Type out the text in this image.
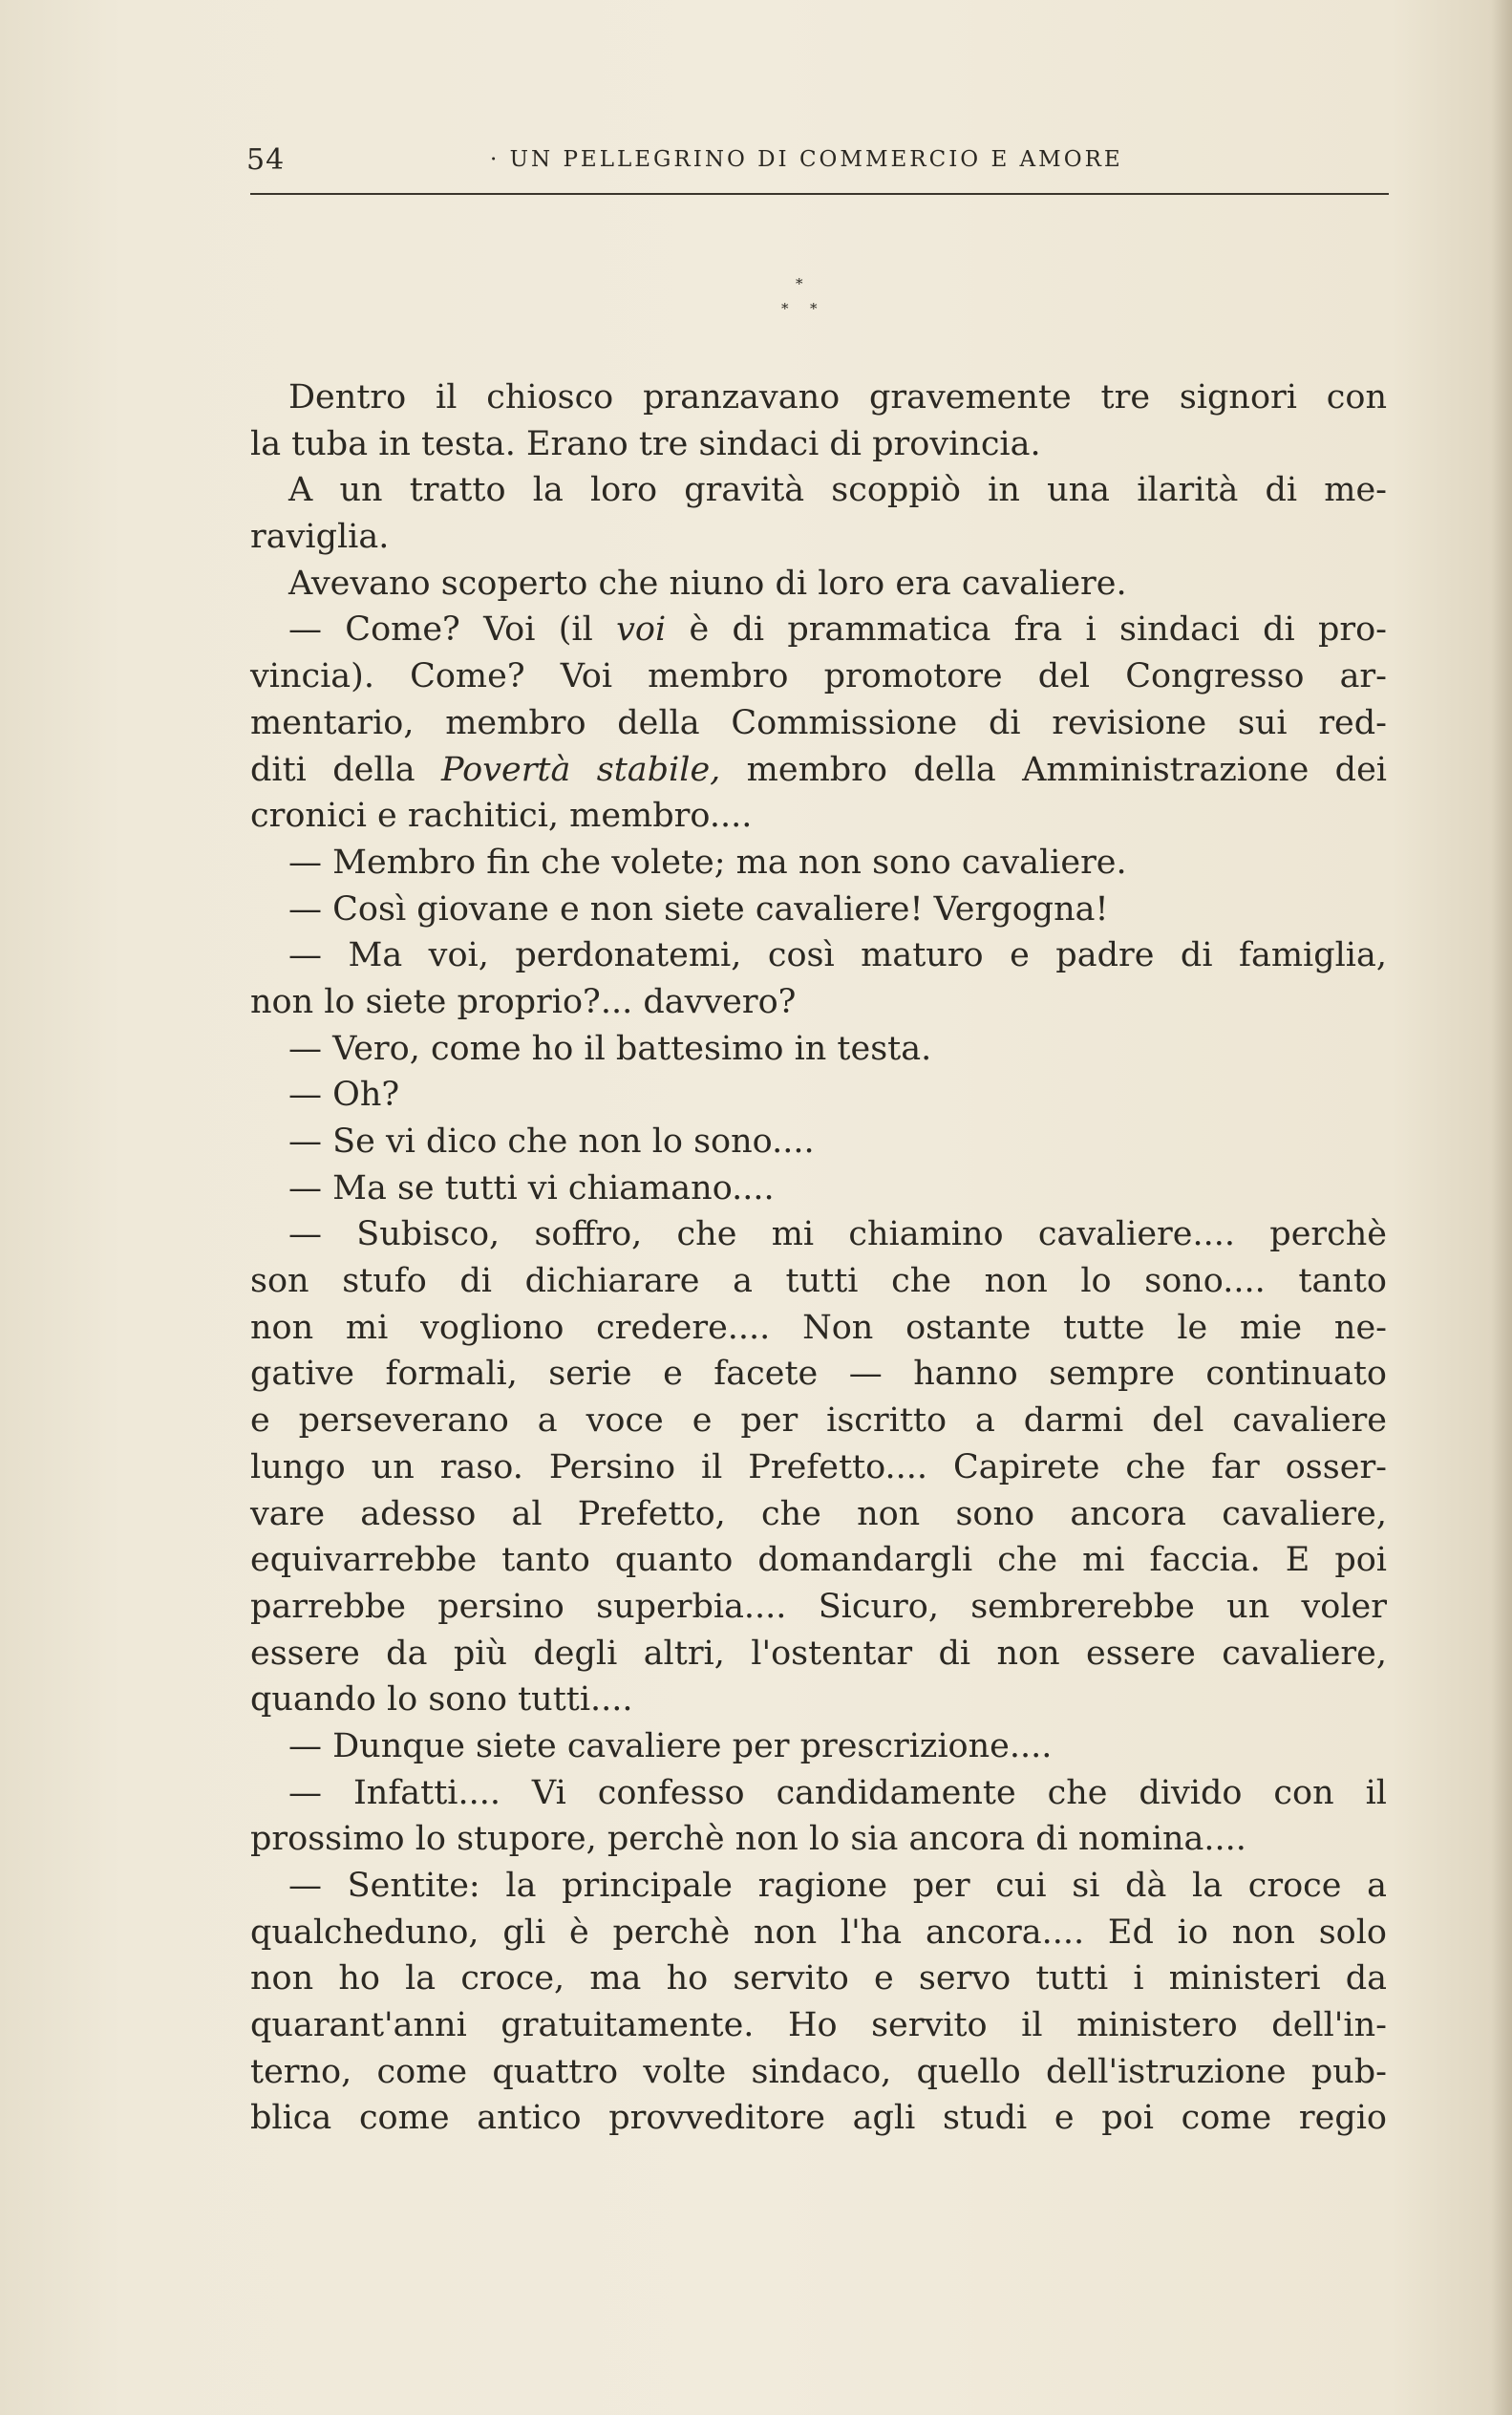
54	· UN PELLEGRINO DI COMMERCIO E AMORE
*
* *
Dentro il chiosco pranzavano gravemente tre signori con
la tuba in testa. Erano tre sindaci di provincia.
A un tratto la loro gravità scoppiò in una ilarità di me-
raviglia.
Avevano scoperto che niuno di loro era cavaliere.
— Come? Voi (il voi è di prammatica fra i sindaci di pro-
vincia). Come? Voi membro promotore del Congresso ar-
mentario, membro della Commissione di revisione sui red-
diti della Povertà stabile, membro della Amministrazione dei
cronici e rachitici, membro....
— Membro fin che volete; ma non sono cavaliere.
— Così giovane e non siete cavaliere! Vergogna!
— Ma voi, perdonatemi, così maturo e padre di famiglia,
non lo siete proprio?... davvero?
— Vero, come ho il battesimo in testa.
— Oh?
— Se vi dico che non lo sono....
— Ma se tutti vi chiamano....
— Subisco, soffro, che mi chiamino cavaliere.... perchè
son stufo di dichiarare a tutti che non lo sono.... tanto
non mi vogliono credere.... Non ostante tutte le mie ne-
gative formali, serie e facete — hanno sempre continuato
e perseverano a voce e per iscritto a darmi del cavaliere
lungo un raso. Persino il Prefetto.... Capirete che far osser-
vare adesso al Prefetto, che non sono ancora cavaliere,
equivarrebbe tanto quanto domandargli che mi faccia. E poi
parrebbe persino superbia.... Sicuro, sembrerebbe un voler
essere da più degli altri, l'ostentar di non essere cavaliere,
quando lo sono tutti....
— Dunque siete cavaliere per prescrizione....
— Infatti.... Vi confesso candidamente che divido con il
prossimo lo stupore, perchè non lo sia ancora di nomina....
— Sentite: la principale ragione per cui si dà la croce a
qualcheduno, gli è perchè non l'ha ancora.... Ed io non solo
non ho la croce, ma ho servito e servo tutti i ministeri da
quarant'anni gratuitamente. Ho servito il ministero dell'in-
terno, come quattro volte sindaco, quello dell'istruzione pub-
blica come antico provveditore agli studi e poi come regio
